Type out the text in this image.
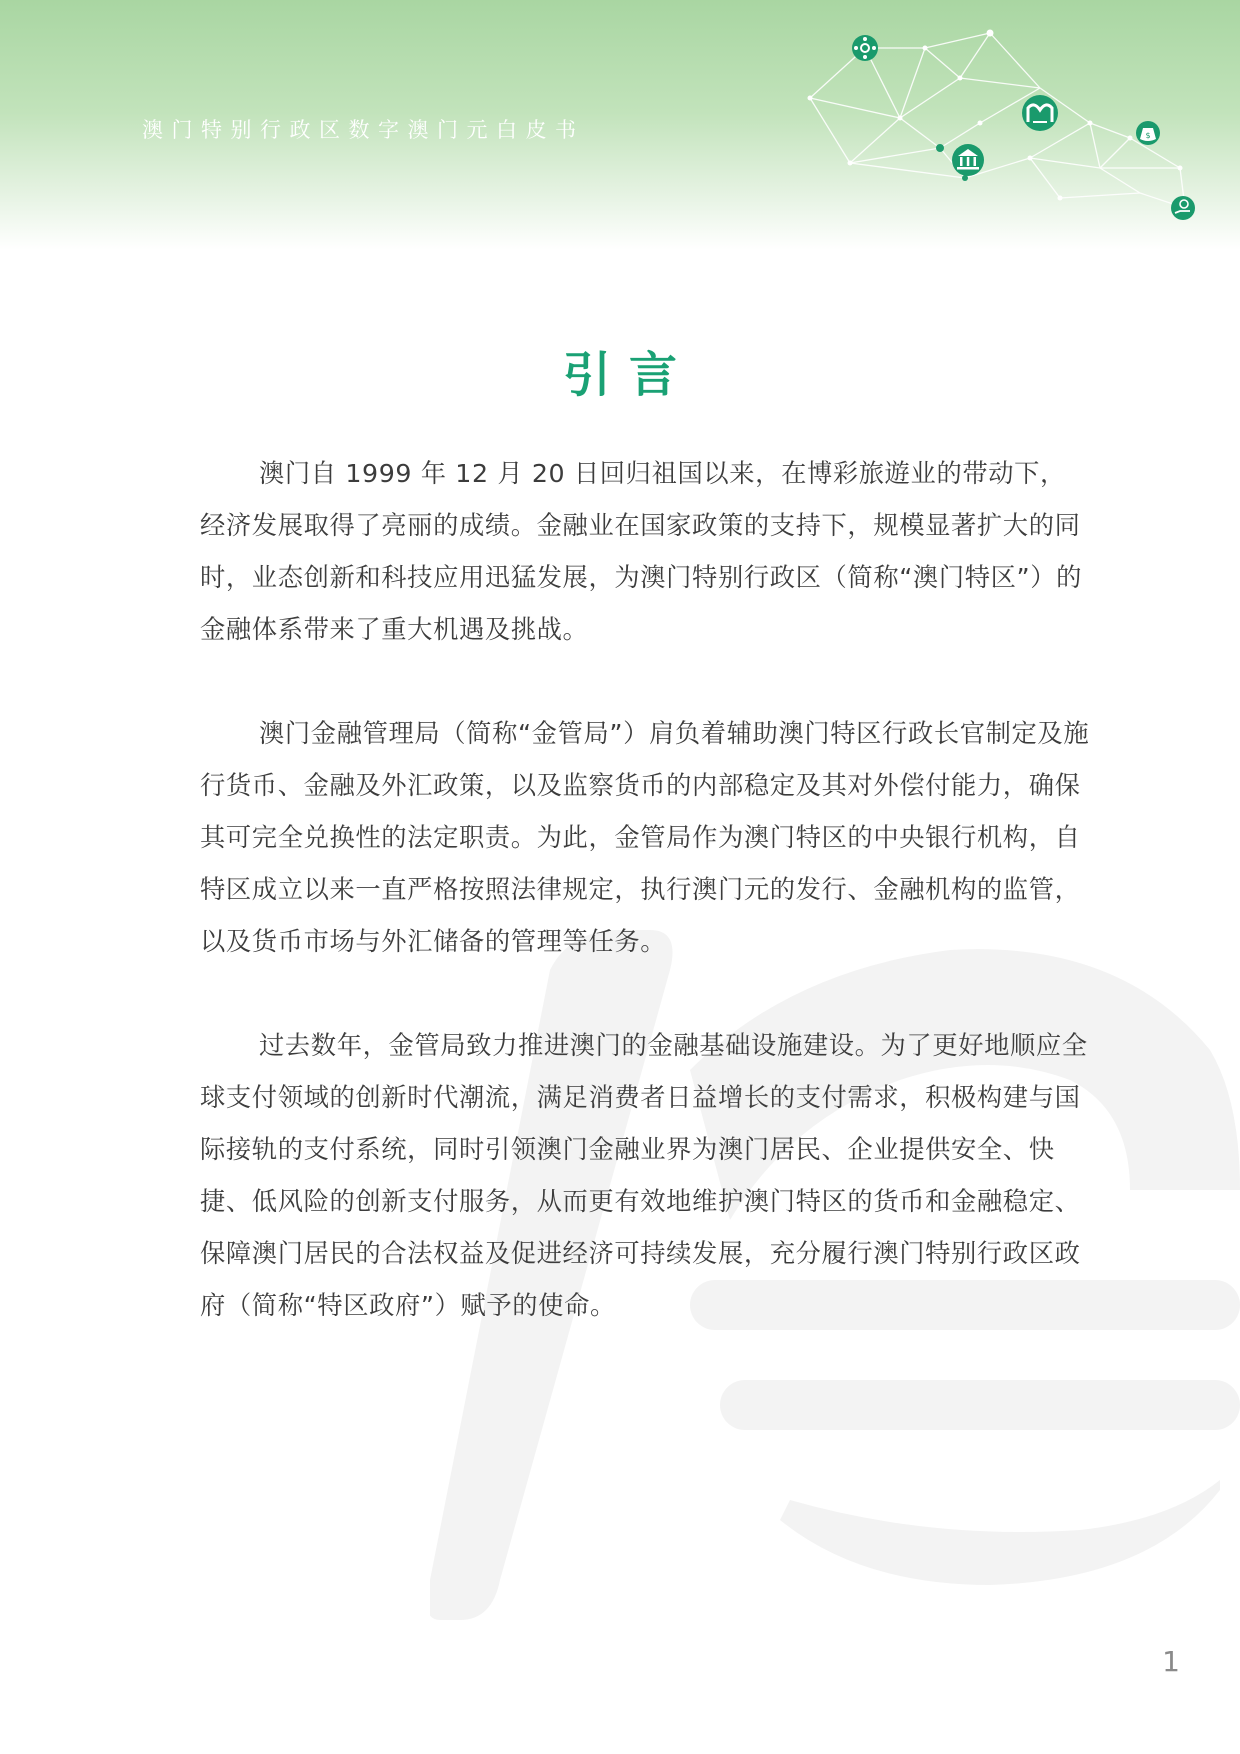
澳门特别行政区数字澳门元白皮书	$
引言

澳门自 1999 年 12 月 20 日回归祖国以来，在博彩旅遊业的带动下，经济发展取得了亮丽的成绩。金融业在国家政策的支持下，规模显著扩大的同时，业态创新和科技应用迅猛发展，为澳门特别行政区（简称“澳门特区”）的金融体系带来了重大机遇及挑战。

澳门金融管理局（简称“金管局”）肩负着辅助澳门特区行政长官制定及施行货币、金融及外汇政策，以及监察货币的内部稳定及其对外偿付能力，确保其可完全兑换性的法定职责。为此，金管局作为澳门特区的中央银行机构，自特区成立以来一直严格按照法律规定，执行澳门元的发行、金融机构的监管，以及货币市场与外汇储备的管理等任务。

过去数年，金管局致力推进澳门的金融基础设施建设。为了更好地顺应全球支付领域的创新时代潮流，满足消费者日益增长的支付需求，积极构建与国际接轨的支付系统，同时引领澳门金融业界为澳门居民、企业提供安全、快捷、低风险的创新支付服务，从而更有效地维护澳门特区的货币和金融稳定、保障澳门居民的合法权益及促进经济可持续发展，充分履行澳门特别行政区政府（简称“特区政府”）赋予的使命。

1
